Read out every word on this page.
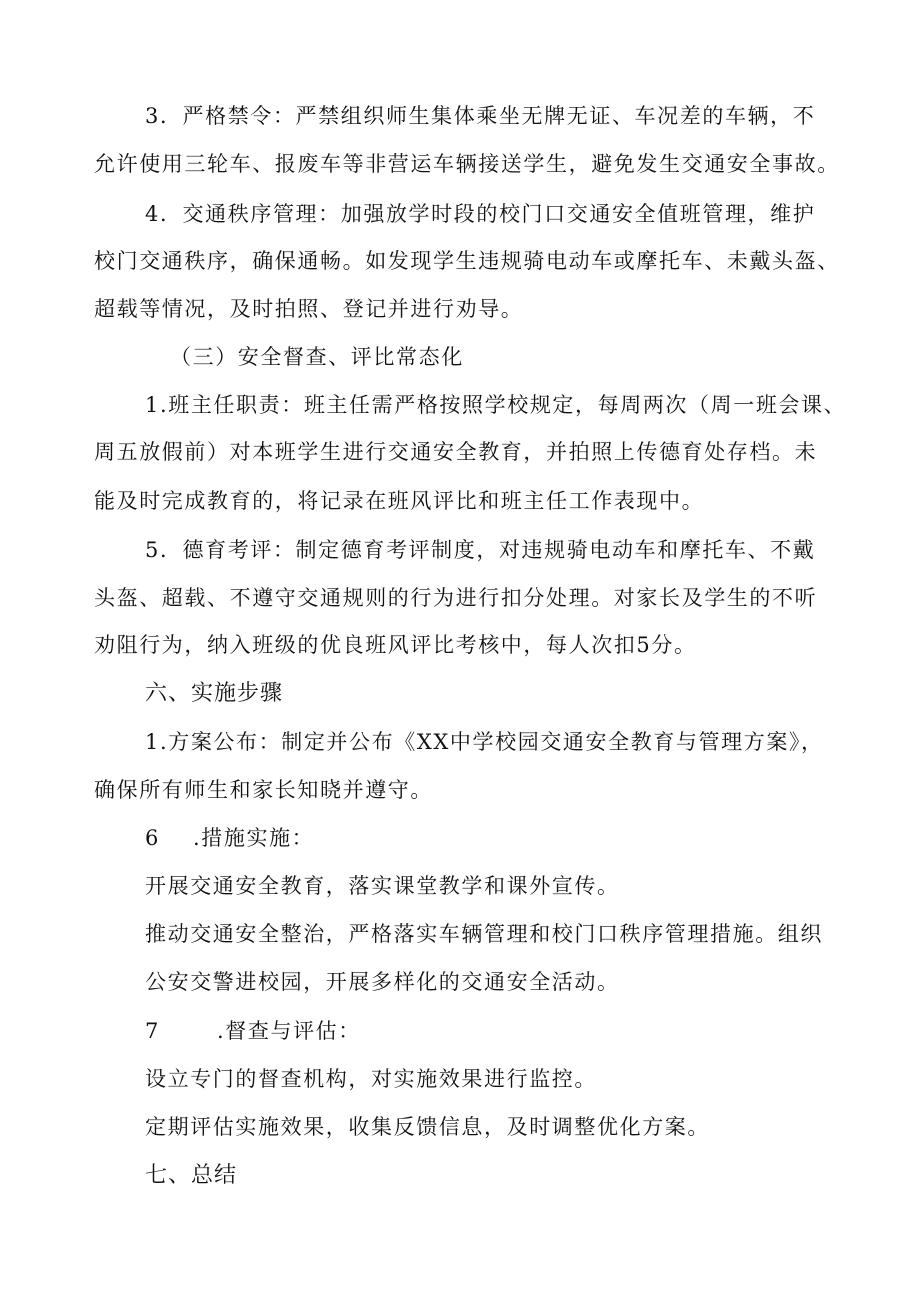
3．严格禁令：严禁组织师生集体乘坐无牌无证、车况差的车辆，不
允许使用三轮车、报废车等非营运车辆接送学生，避免发生交通安全事故。
4．交通秩序管理：加强放学时段的校门口交通安全值班管理，维护
校门交通秩序，确保通畅。如发现学生违规骑电动车或摩托车、未戴头盔、
超载等情况，及时拍照、登记并进行劝导。
（三）安全督查、评比常态化
1.班主任职责：班主任需严格按照学校规定，每周两次（周一班会课、
周五放假前）对本班学生进行交通安全教育，并拍照上传德育处存档。未
能及时完成教育的，将记录在班风评比和班主任工作表现中。
5．德育考评：制定德育考评制度，对违规骑电动车和摩托车、不戴
头盔、超载、不遵守交通规则的行为进行扣分处理。对家长及学生的不听
劝阻行为，纳入班级的优良班风评比考核中，每人次扣5分。
六、实施步骤
1.方案公布：制定并公布《XX中学校园交通安全教育与管理方案》，
确保所有师生和家长知晓并遵守。
6 .措施实施：
开展交通安全教育，落实课堂教学和课外宣传。
推动交通安全整治，严格落实车辆管理和校门口秩序管理措施。组织
公安交警进校园，开展多样化的交通安全活动。
7	.督查与评估：
设立专门的督查机构，对实施效果进行监控。
定期评估实施效果，收集反馈信息，及时调整优化方案。
七、总结
